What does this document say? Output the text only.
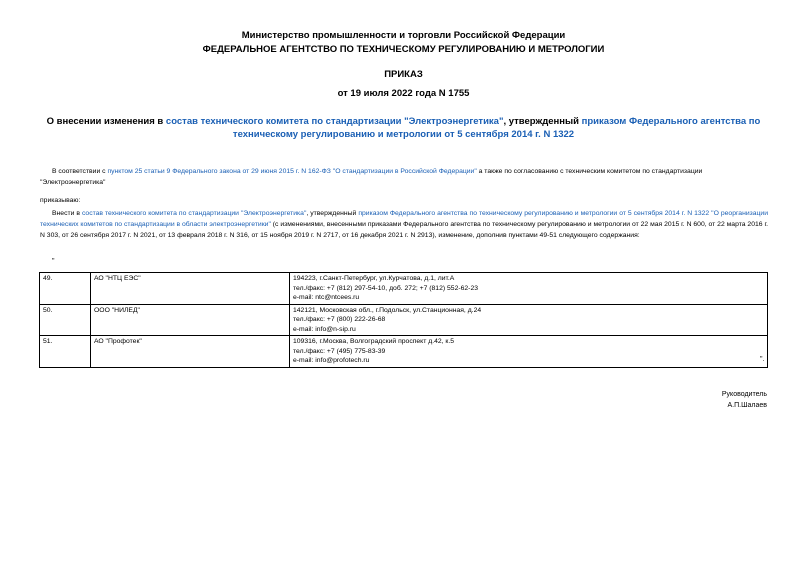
Министерство промышленности и торговли Российской Федерации
ФЕДЕРАЛЬНОЕ АГЕНТСТВО ПО ТЕХНИЧЕСКОМУ РЕГУЛИРОВАНИЮ И МЕТРОЛОГИИ
ПРИКАЗ
от 19 июля 2022 года N 1755
О внесении изменения в состав технического комитета по стандартизации "Электроэнергетика", утвержденный приказом Федерального агентства по техническому регулированию и метрологии от 5 сентября 2014 г. N 1322
В соответствии с пунктом 25 статьи 9 Федерального закона от 29 июня 2015 г. N 162-ФЗ "О стандартизации в Российской Федерации" а также по согласованию с техническим комитетом по стандартизации "Электроэнергетика"
приказываю:
Внести в состав технического комитета по стандартизации "Электроэнергетика", утвержденный приказом Федерального агентства по техническому регулированию и метрологии от 5 сентября 2014 г. N 1322 "О реорганизации технических комитетов по стандартизации в области электроэнергетики" (с изменениями, внесенными приказами Федерального агентства по техническому регулированию и метрологии от 22 мая 2015 г. N 600, от 22 марта 2016 г. N 303, от 26 сентября 2017 г. N 2021, от 13 февраля 2018 г. N 316, от 15 ноября 2019 г. N 2717, от 16 декабря 2021 г. N 2913), изменение, дополнив пунктами 49-51 следующего содержания:
"
49.	АО "НТЦ ЕЭС"	194223, г.Санкт-Петербург, ул.Курчатова, д.1, лит.А
тел./факс: +7 (812) 297-54-10, доб. 272; +7 (812) 552-62-23
e-mail: ntc@ntcees.ru

50.	ООО "НИЛЕД"	142121, Московская обл., г.Подольск, ул.Станционная, д.24
тел./факс: +7 (800) 222-26-68
e-mail: info@n-sip.ru

51.	АО "Профотек"	109316, г.Москва, Волгоградский проспект д.42, к.5
тел./факс: +7 (495) 775-83-39
e-mail: info@profotech.ru	".
Руководитель
А.П.Шалаев
